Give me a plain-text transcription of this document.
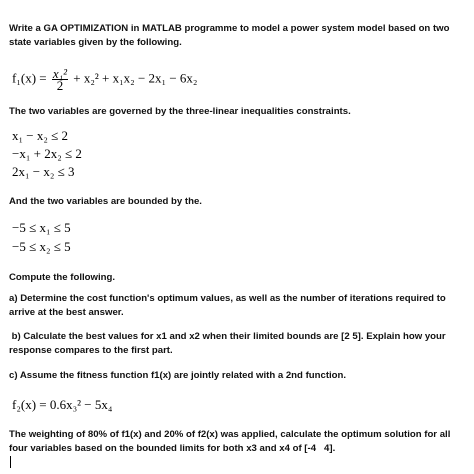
Write a GA OPTIMIZATION in MATLAB programme to model a power system model based on two
state variables given by the following.
$f_1(x) = \frac{\text{x₁²}}{2} + x_2^2 + x_1x_2 - 2x_1 - 6x_2$
The two variables are governed by the three-linear inequalities constraints.
x₁ − x₂ ≤ 2
−x₁ + 2x₂ ≤ 2
2x₁ − x₂ ≤ 3
And the two variables are bounded by the.
−5 ≤ x₁ ≤ 5
−5 ≤ x₂ ≤ 5
Compute the following.
a) Determine the cost function's optimum values, as well as the number of iterations required to
arrive at the best answer.
b) Calculate the best values for x1 and x2 when their limited bounds are [2 5]. Explain how your
response compares to the first part.
c) Assume the fitness function f1(x) are jointly related with a 2nd function.
f₂(x) = 0.6x₃² − 5x₄
The weighting of 80% of f1(x) and 20% of f2(x) was applied, calculate the optimum solution for all
four variables based on the bounded limits for both x3 and x4 of [-4   4].
